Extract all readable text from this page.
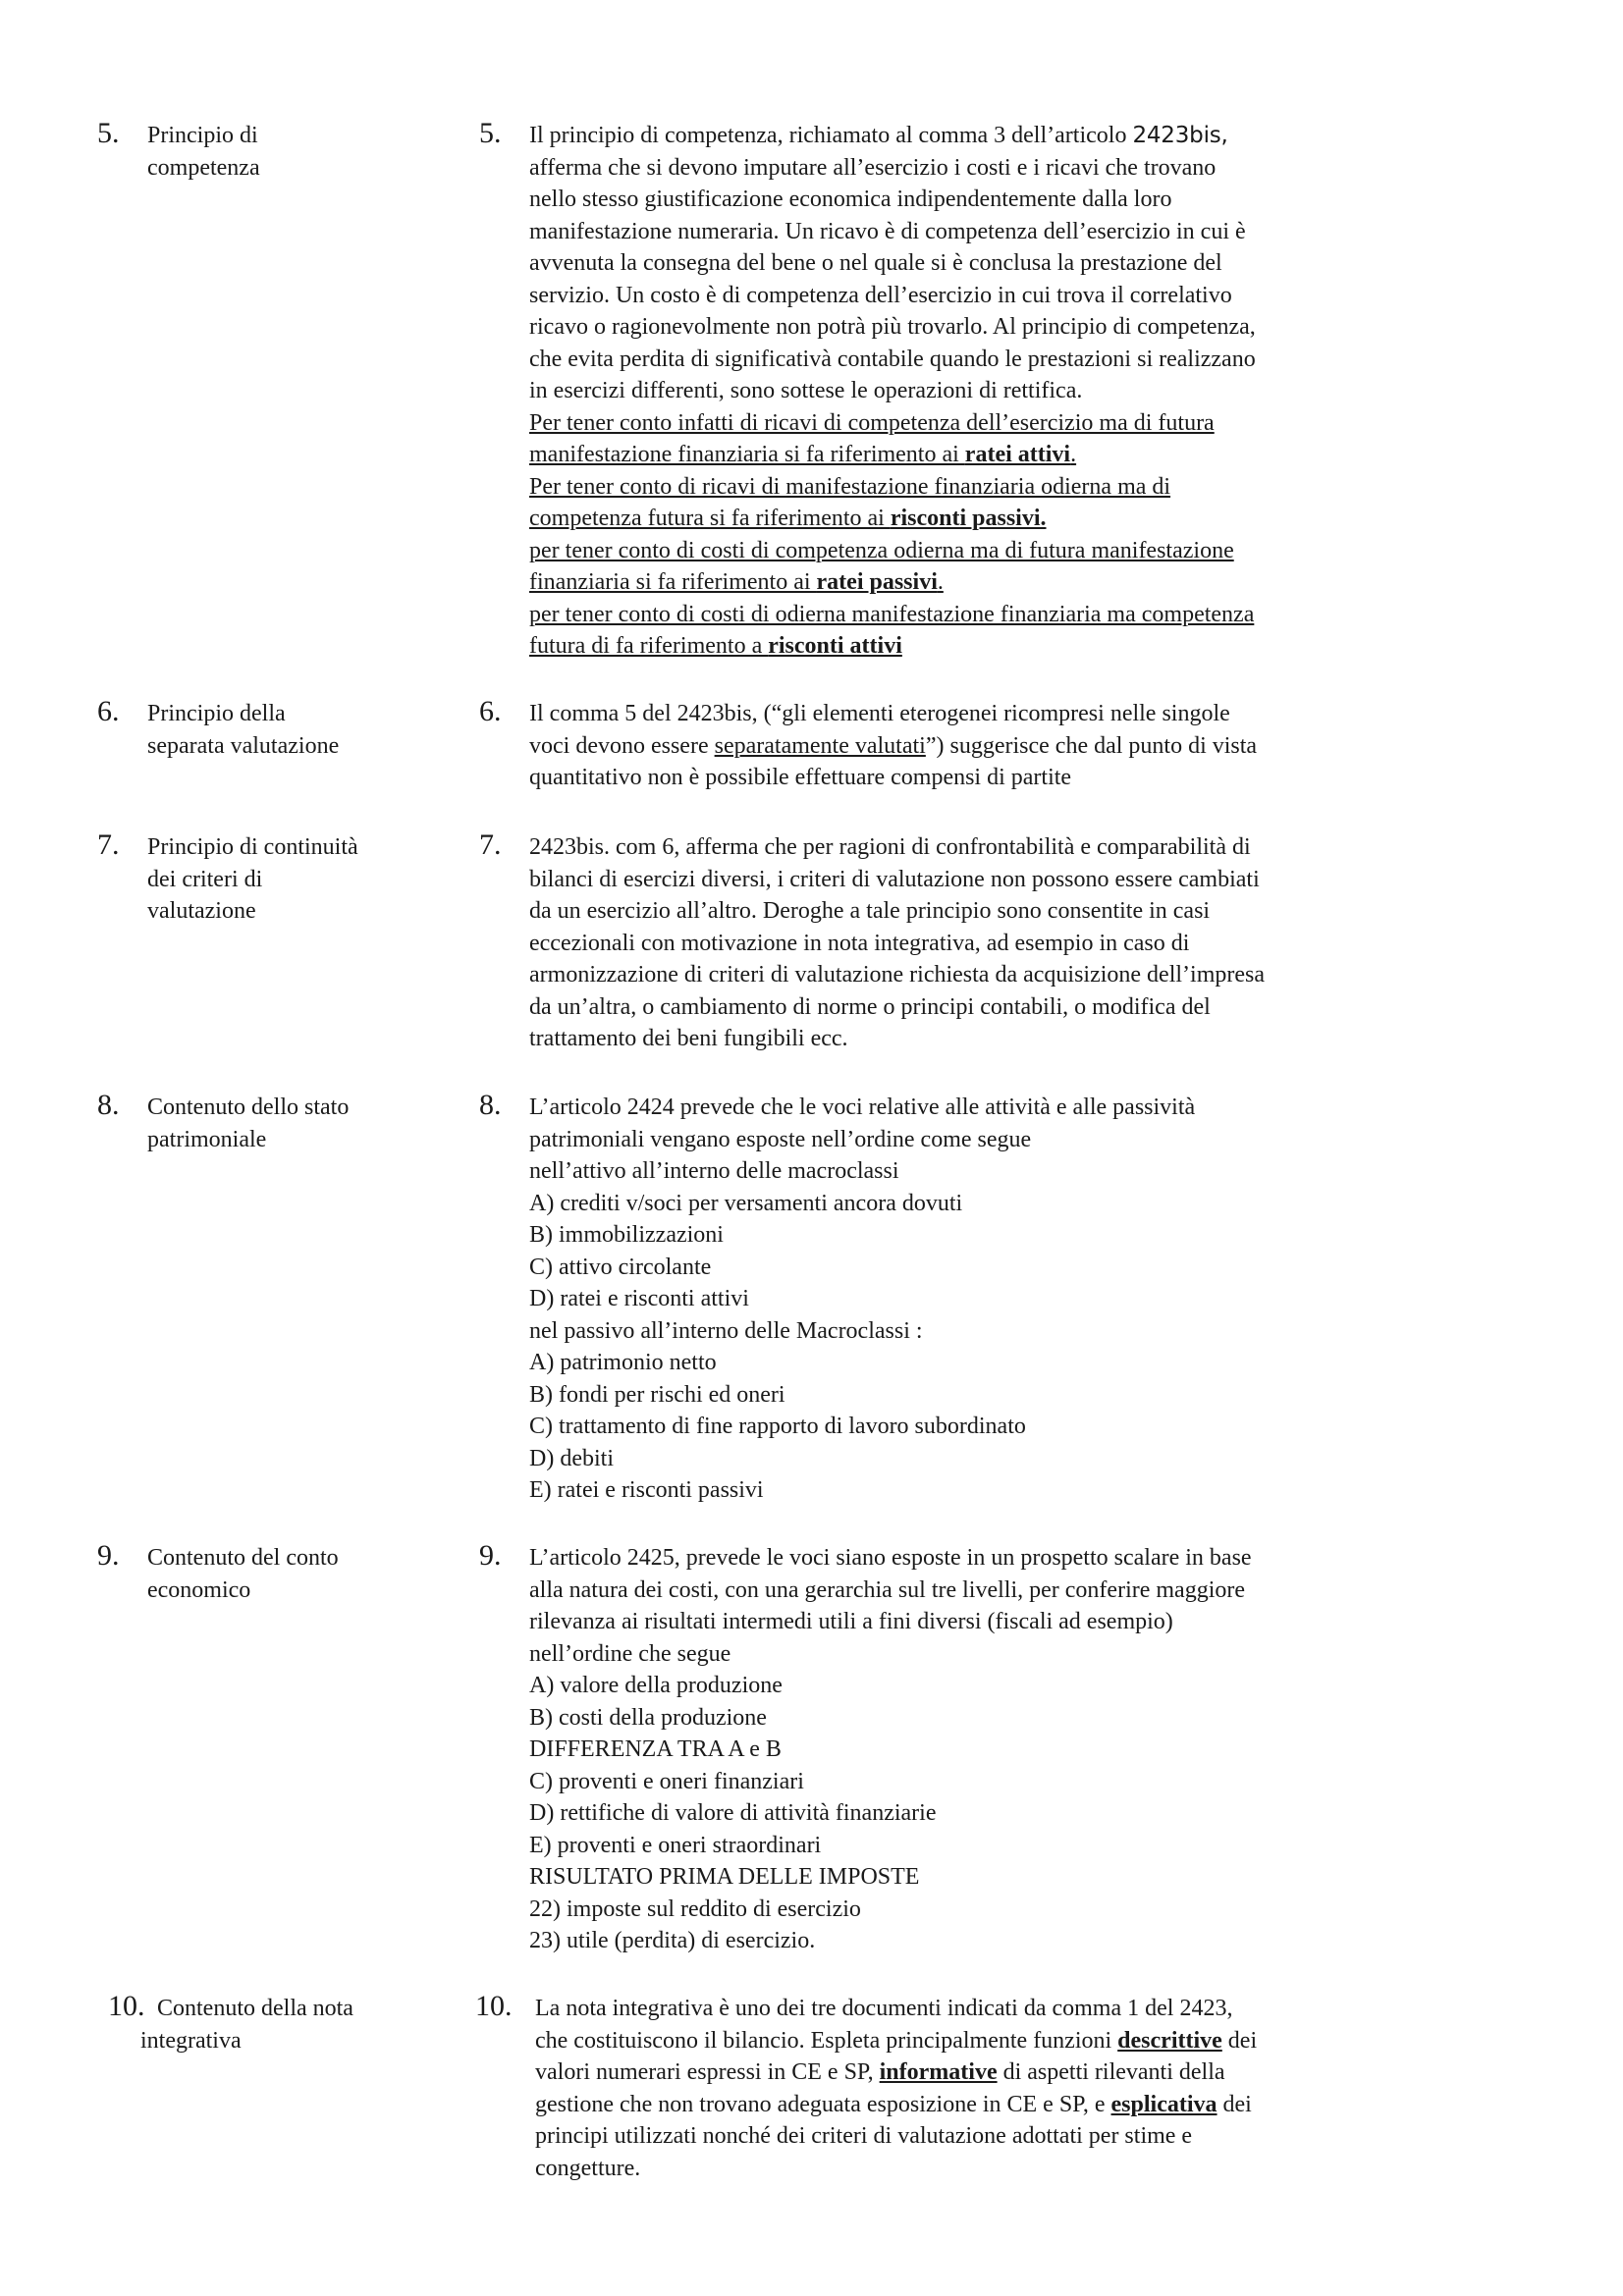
5. Principio di
competenza
5. Il principio di competenza, richiamato al comma 3 dell’articolo 2423bis,

afferma che si devono imputare all’esercizio i costi e i ricavi che trovano

nello stesso giustificazione economica indipendentemente dalla loro

manifestazione numeraria. Un ricavo è di competenza dell’esercizio in cui è

avvenuta la consegna del bene o nel quale si è conclusa la prestazione del

servizio. Un costo è di competenza dell’esercizio in cui trova il correlativo

ricavo o ragionevolmente non potrà più trovarlo. Al principio di competenza,

che evita perdita di significativà contabile quando le prestazioni si realizzano

in esercizi differenti, sono sottese le operazioni di rettifica.

Per tener conto infatti di ricavi di competenza dell’esercizio ma di futura

manifestazione finanziaria si fa riferimento ai ratei attivi.

Per tener conto di ricavi di manifestazione finanziaria odierna ma di

competenza futura si fa riferimento ai risconti passivi.

per tener conto di costi di competenza odierna ma di futura manifestazione

finanziaria si fa riferimento ai ratei passivi.

per tener conto di costi di odierna manifestazione finanziaria ma competenza

futura di fa riferimento a risconti attivi

6. Principio della
separata valutazione
6. Il comma 5 del 2423bis, (“gli elementi eterogenei ricompresi nelle singole

voci devono essere separatamente valutati”) suggerisce che dal punto di vista

quantitativo non è possibile effettuare compensi di partite

7. Principio di continuità
dei criteri di
valutazione
7. 2423bis. com 6, afferma che per ragioni di confrontabilità e comparabilità di

bilanci di esercizi diversi, i criteri di valutazione non possono essere cambiati

da un esercizio all’altro. Deroghe a tale principio sono consentite in casi

eccezionali con motivazione in nota integrativa, ad esempio in caso di

armonizzazione di criteri di valutazione richiesta da acquisizione dell’impresa

da un’altra, o cambiamento di norme o principi contabili, o modifica del

trattamento dei beni fungibili ecc.

8. Contenuto dello stato
patrimoniale
8. L’articolo 2424 prevede che le voci relative alle attività e alle passività

patrimoniali vengano esposte nell’ordine come segue

nell’attivo all’interno delle macroclassi

A) crediti v/soci per versamenti ancora dovuti

B) immobilizzazioni

C) attivo circolante

D) ratei e risconti attivi

nel passivo all’interno delle Macroclassi :

A) patrimonio netto

B) fondi per rischi ed oneri

C) trattamento di fine rapporto di lavoro subordinato

D) debiti

E) ratei e risconti passivi

9. Contenuto del conto
economico
9. L’articolo 2425, prevede le voci siano esposte in un prospetto scalare in base

alla natura dei costi, con una gerarchia sul tre livelli, per conferire maggiore

rilevanza ai risultati intermedi utili a fini diversi (fiscali ad esempio)

nell’ordine che segue

A) valore della produzione

B) costi della produzione

DIFFERENZA TRA A e B

C) proventi e oneri finanziari

D) rettifiche di valore di attività finanziarie

E) proventi e oneri straordinari

RISULTATO PRIMA DELLE IMPOSTE

22) imposte sul reddito di esercizio

23) utile (perdita) di esercizio.

10. Contenuto della nota
integrativa
10. La nota integrativa è uno dei tre documenti indicati da comma 1 del 2423,

che costituiscono il bilancio. Espleta principalmente funzioni descrittive dei

valori numerari espressi in CE e SP, informative di aspetti rilevanti della

gestione che non trovano adeguata esposizione in CE e SP, e esplicativa dei

principi utilizzati nonché dei criteri di valutazione adottati per stime e

congetture.
